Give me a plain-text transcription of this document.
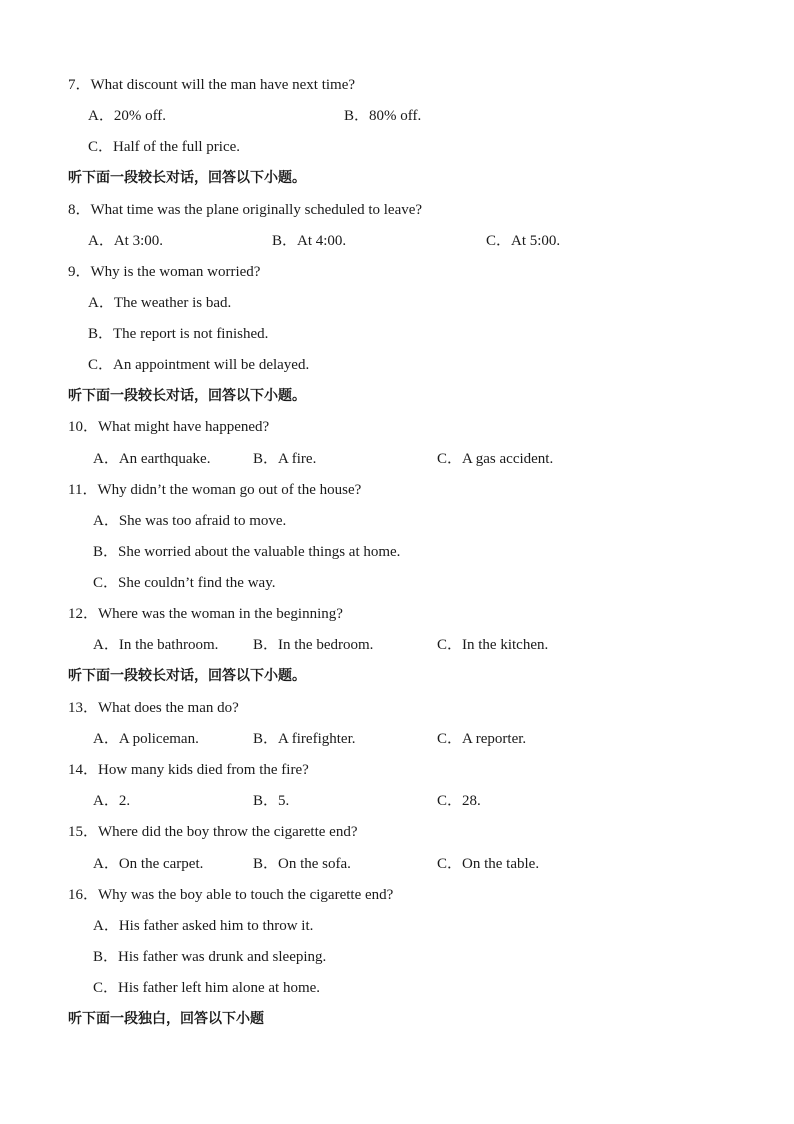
7．What discount will the man have next time?
A．20% off.	B．80% off.
C．Half of the full price.
听下面一段较长对话，回答以下小题。
8．What time was the plane originally scheduled to leave?
A．At 3:00.	B．At 4:00.	C．At 5:00.
9．Why is the woman worried?
A．The weather is bad.
B．The report is not finished.
C．An appointment will be delayed.
听下面一段较长对话，回答以下小题。
10．What might have happened?
A．An earthquake.	B．A fire.	C．A gas accident.
11．Why didn’t the woman go out of the house?
A．She was too afraid to move.
B．She worried about the valuable things at home.
C．She couldn’t find the way.
12．Where was the woman in the beginning?
A．In the bathroom. B．In the bedroom.	C．In the kitchen.
听下面一段较长对话，回答以下小题。
13．What does the man do?
A．A policeman.	B．A firefighter.	C．A reporter.
14．How many kids died from the fire?
A．2.	B．5.	C．28.
15．Where did the boy throw the cigarette end?
A．On the carpet.	B．On the sofa.	C．On the table.
16．Why was the boy able to touch the cigarette end?
A．His father asked him to throw it.
B．His father was drunk and sleeping.
C．His father left him alone at home.
听下面一段独白，回答以下小题
